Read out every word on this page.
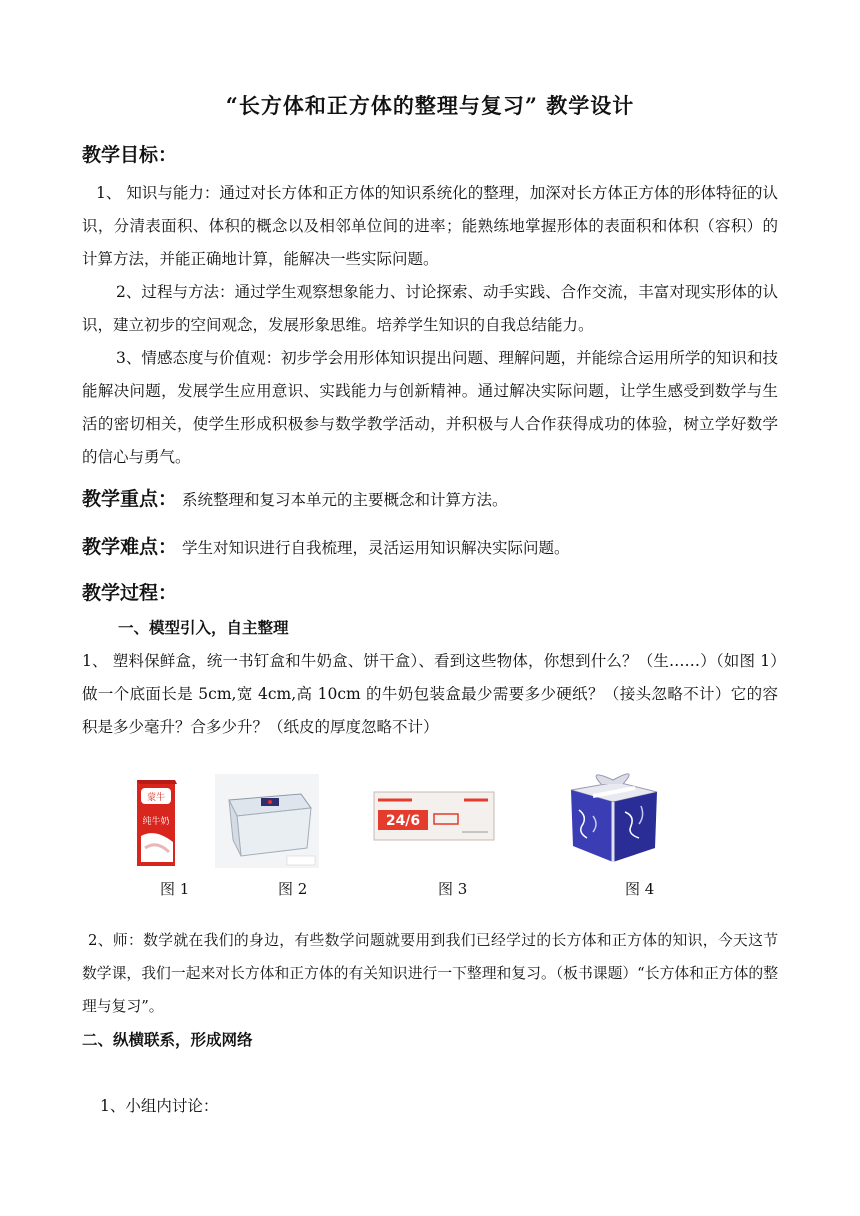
“长方体和正方体的整理与复习” 教学设计
教学目标：
1、 知识与能力：通过对长方体和正方体的知识系统化的整理，加深对长方体正方体的形体特征的认识，分清表面积、体积的概念以及相邻单位间的进率；能熟练地掌握形体的表面积和体积（容积）的计算方法，并能正确地计算，能解决一些实际问题。
2、过程与方法：通过学生观察想象能力、讨论探索、动手实践、合作交流，丰富对现实形体的认识，建立初步的空间观念，发展形象思维。培养学生知识的自我总结能力。
3、情感态度与价值观：初步学会用形体知识提出问题、理解问题，并能综合运用所学的知识和技能解决问题，发展学生应用意识、实践能力与创新精神。通过解决实际问题，让学生感受到数学与生活的密切相关，使学生形成积极参与数学教学活动，并积极与人合作获得成功的体验，树立学好数学的信心与勇气。
教学重点： 系统整理和复习本单元的主要概念和计算方法。
教学难点： 学生对知识进行自我梳理，灵活运用知识解决实际问题。
教学过程：
一、模型引入，自主整理
1、 塑料保鲜盒，统一书钉盒和牛奶盒、饼干盒）、看到这些物体，你想到什么？（生……）（如图 1）做一个底面长是 5cm,宽 4cm,高 10cm 的牛奶包装盒最少需要多少硬纸？（接头忽略不计）它的容积是多少毫升？合多少升？（纸皮的厚度忽略不计）
蒙牛
纯牛奶	24/6
图 1	图 2	图 3	图 4
2、师：数学就在我们的身边，有些数学问题就要用到我们已经学过的长方体和正方体的知识，今天这节数学课，我们一起来对长方体和正方体的有关知识进行一下整理和复习。（板书课题）“长方体和正方体的整理与复习”。
二、纵横联系，形成网络
1、小组内讨论：
